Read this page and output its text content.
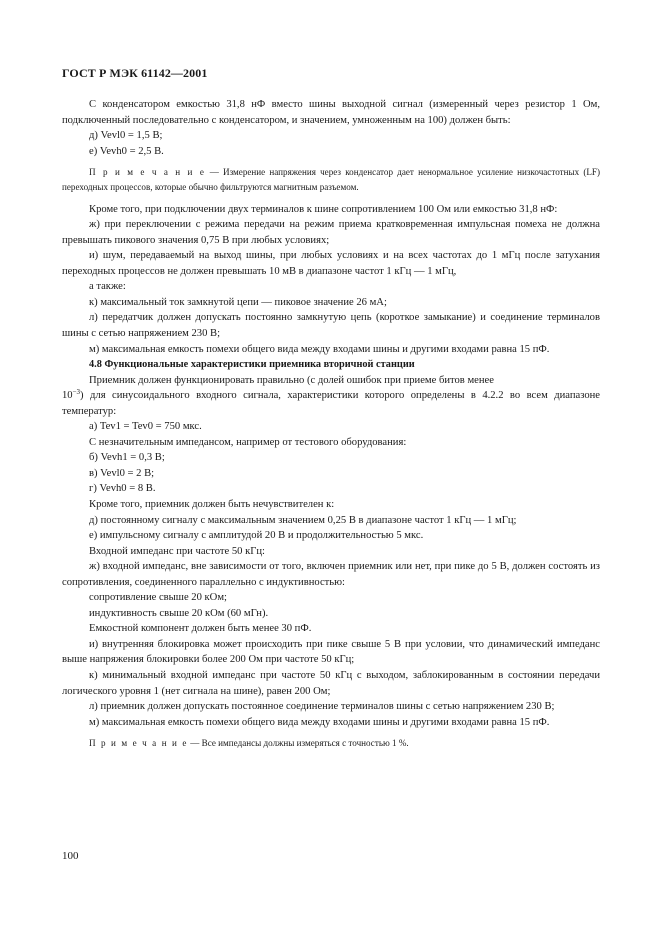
ГОСТ Р МЭК 61142—2001

С конденсатором емкостью 31,8 нФ вместо шины выходной сигнал (измеренный через резистор 1 Ом, подключенный последовательно с конденсатором, и значением, умноженным на 100) должен быть:

д) Vevl0 = 1,5 В;

е) Vevh0 = 2,5 В.

П р и м е ч а н и е — Измерение напряжения через конденсатор дает ненормальное усиление низкочастотных (LF) переходных процессов, которые обычно фильтруются магнитным разъемом.

Кроме того, при подключении двух терминалов к шине сопротивлением 100 Ом или емкостью 31,8 нФ:

ж) при переключении с режима передачи на режим приема кратковременная импульсная помеха не должна превышать пикового значения 0,75 В при любых условиях;

и) шум, передаваемый на выход шины, при любых условиях и на всех частотах до 1 мГц после затухания переходных процессов не должен превышать 10 мВ в диапазоне частот 1 кГц — 1 мГц,

а также:

к) максимальный ток замкнутой цепи — пиковое значение 26 мА;

л) передатчик должен допускать постоянно замкнутую цепь (короткое замыкание) и соединение терминалов шины с сетью напряжением 230 В;

м) максимальная емкость помехи общего вида между входами шины и другими входами равна 15 пФ.

4.8 Функциональные характеристики приемника вторичной станции

Приемник должен функционировать правильно (с долей ошибок при приеме битов менее
$10^{-3}$) для синусоидального входного сигнала, характеристики которого определены в 4.2.2 во всем диапазоне температур:

а) Tev1 = Tev0 = 750 мкс.

С незначительным импедансом, например от тестового оборудования:

б) Vevh1 = 0,3 В;

в) Vevl0 = 2 В;

г) Vevh0 = 8 В.

Кроме того, приемник должен быть нечувствителен к:

д) постоянному сигналу с максимальным значением 0,25 В в диапазоне частот 1 кГц — 1 мГц;

е) импульсному сигналу с амплитудой 20 В и продолжительностью 5 мкс.

Входной импеданс при частоте 50 кГц:

ж) входной импеданс, вне зависимости от того, включен приемник или нет, при пике до 5 В, должен состоять из сопротивления, соединенного параллельно с индуктивностью:

сопротивление свыше 20 кОм;

индуктивность свыше 20 кОм (60 мГн).

Емкостной компонент должен быть менее 30 пФ.

и) внутренняя блокировка может происходить при пике свыше 5 В при условии, что динамический импеданс выше напряжения блокировки более 200 Ом при частоте 50 кГц;

к) минимальный входной импеданс при частоте 50 кГц с выходом, заблокированным в состоянии передачи логического уровня 1 (нет сигнала на шине), равен 200 Ом;

л) приемник должен допускать постоянное соединение терминалов шины с сетью напряжением 230 В;

м) максимальная емкость помехи общего вида между входами шины и другими входами равна 15 пФ.

П р и м е ч а н и е — Все импедансы должны измеряться с точностью 1 %.

100
